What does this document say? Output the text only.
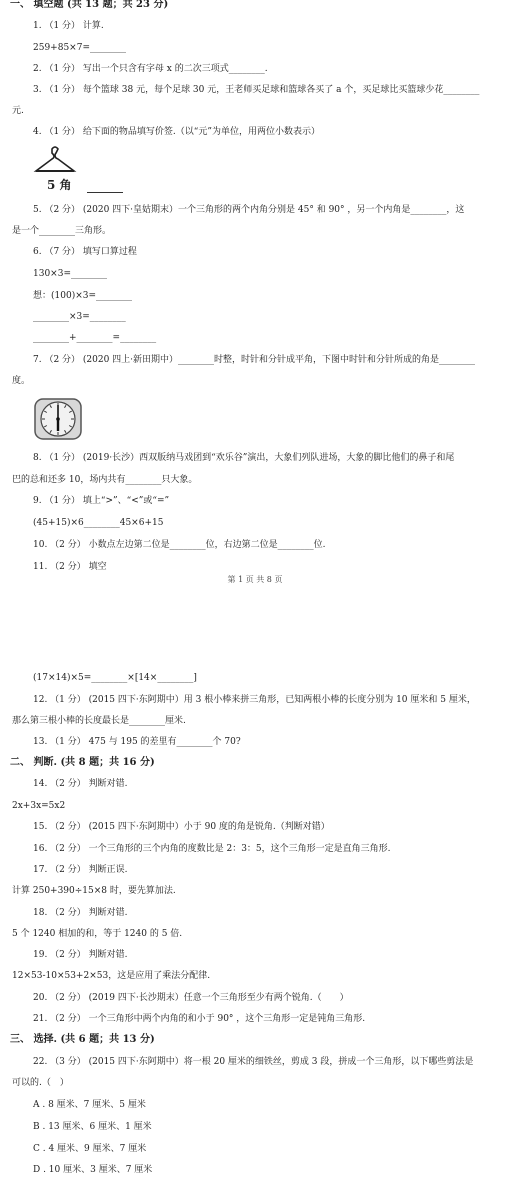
一、 填空题 (共 13 题；共 23 分)
1. （1 分） 计算.
259+85×7=________
2. （1 分） 写出一个只含有字母 x 的二次三项式________.
3. （1 分） 每个篮球 38 元，每个足球 30 元，王老师买足球和篮球各买了 a 个，买足球比买篮球少花________
元.
4. （1 分） 给下面的物品填写价签.（以“元”为单位，用两位小数表示）
5 角
5. （2 分） (2020 四下·皇姑期末）一个三角形的两个内角分别是 45° 和 90° ，另一个内角是________，这
是一个________三角形。
6. （7 分） 填写口算过程
130×3=________
想：(100)×3=________
________×3=________
________+________=________
7. （2 分） (2020 四上·新田期中）________时整，时针和分针成平角，下图中时针和分针所成的角是________
度。
8. （1 分） (2019·长沙）西双版纳马戏团到“欢乐谷”演出，大象们列队进场，大象的脚比他们的鼻子和尾
巴的总和还多 10，场内共有________只大象。
9. （1 分） 填上“>”、“<”或“=”
(45+15)×6________45×6+15
10. （2 分） 小数点左边第二位是________位，右边第二位是________位.
11. （2 分） 填空
第 1 页 共 8 页
(17×14)×5=________×[14×________]
12. （1 分） (2015 四下·东阿期中）用 3 根小棒来拼三角形，已知两根小棒的长度分别为 10 厘米和 5 厘米，
那么第三根小棒的长度最长是________厘米.
13. （1 分） 475 与 195 的差里有________个 70?
二、 判断. (共 8 题；共 16 分)
14. （2 分） 判断对错.
2x+3x=5x2
15. （2 分） (2015 四下·东阿期中）小于 90 度的角是锐角.（判断对错）
16. （2 分） 一个三角形的三个内角的度数比是 2：3：5，这个三角形一定是直角三角形.
17. （2 分） 判断正误.
计算 250+390÷15×8 时，要先算加法.
18. （2 分） 判断对错.
5 个 1240 相加的和，等于 1240 的 5 倍.
19. （2 分） 判断对错.
12×53-10×53+2×53，这是应用了乘法分配律.
20. （2 分） (2019 四下·长沙期末）任意一个三角形至少有两个锐角.（　　）
21. （2 分） 一个三角形中两个内角的和小于 90° ，这个三角形一定是钝角三角形.
三、 选择. (共 6 题；共 13 分)
22. （3 分） (2015 四下·东阿期中）将一根 20 厘米的细铁丝，剪成 3 段，拼成一个三角形，以下哪些剪法是
可以的.（　）
A . 8 厘米、7 厘米、5 厘米
B . 13 厘米、6 厘米、1 厘米
C . 4 厘米、9 厘米、7 厘米
D . 10 厘米、3 厘米、7 厘米
